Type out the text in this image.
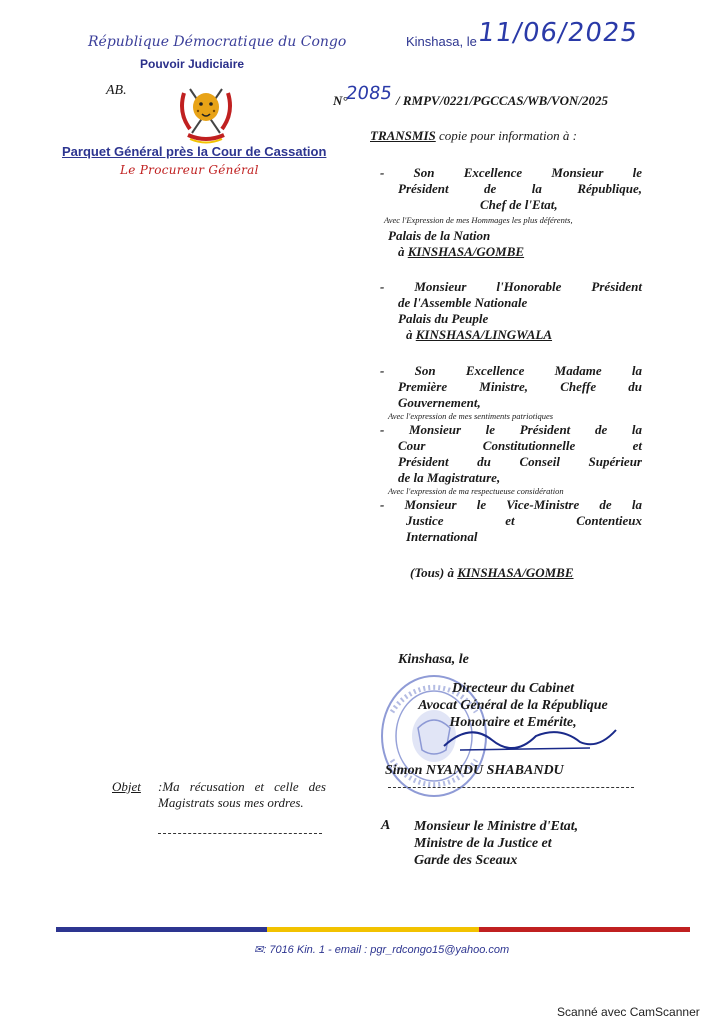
République Démocratique du Congo
Pouvoir Judiciaire
AB.
Parquet Général près la Cour de Cassation
Le Procureur Général
Kinshasa, le 11/06/2025
N°
2085 / RMPV/0221/PGCCAS/WB/VON/2025
TRANSMIS copie pour information à :
- Son Excellence Monsieur le
Président de la République,
Chef de l'Etat,
Avec l'Expression de mes Hommages les plus déférents,
Palais de la Nation
à KINSHASA/GOMBE
- Monsieur l'Honorable Président
de l'Assemble Nationale
Palais du Peuple
à KINSHASA/LINGWALA
- Son Excellence Madame la
Première Ministre, Cheffe du
Gouvernement,
Avec l'expression de mes sentiments patriotiques
- Monsieur le Président de la
Cour Constitutionnelle et
Président du Conseil Supérieur
de la Magistrature,
Avec l'expression de ma respectueuse considération
- Monsieur le Vice-Ministre de la
Justice et Contentieux
International
(Tous) à KINSHASA/GOMBE
Kinshasa, le
Directeur du Cabinet
Avocat Général de la République
Honoraire et Emérite,
Simon NYANDU SHABANDU
Objet :Ma récusation et celle des Magistrats sous mes ordres.
A Monsieur le Ministre d'Etat,
Ministre de la Justice et
Garde des Sceaux
✉: 7016 Kin. 1 - email : pgr_rdcongo15@yahoo.com
Scanné avec CamScanner
